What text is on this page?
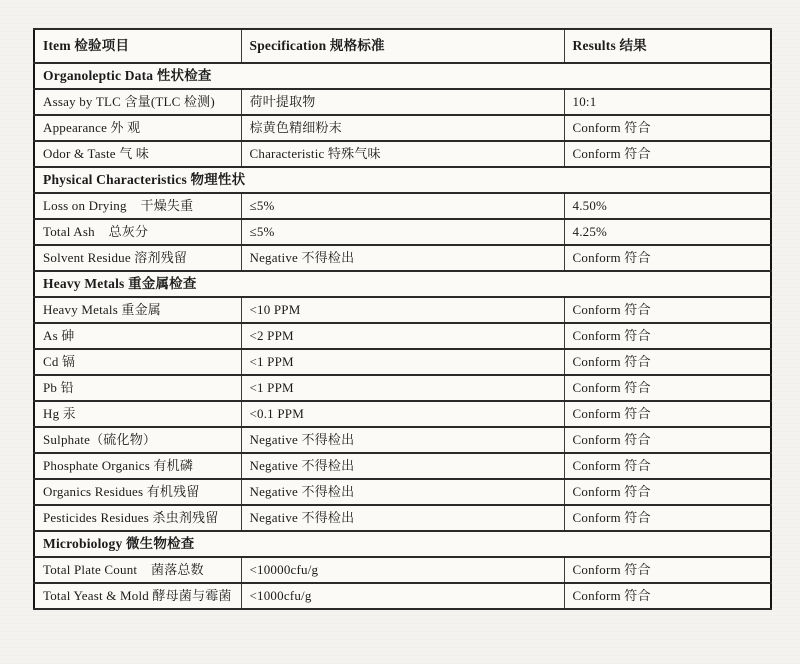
Item 检验项目	Specification 规格标准	Results 结果
Organoleptic Data 性状检查		
Assay by TLC 含量(TLC 检测)	荷叶提取物	10:1
Appearance 外 观	棕黄色精细粉末	Conform 符合
Odor & Taste 气 味	Characteristic 特殊气味	Conform 符合
Physical Characteristics 物理性状		
Loss on Drying    干燥失重	≤5%	4.50%
Total Ash    总灰分	≤5%	4.25%
Solvent Residue 溶剂残留	Negative 不得检出	Conform 符合
Heavy Metals 重金属检查		
Heavy Metals 重金属	<10 PPM	Conform 符合
As 砷	<2 PPM	Conform 符合
Cd 镉	<1 PPM	Conform 符合
Pb 铅	<1 PPM	Conform 符合
Hg 汞	<0.1 PPM	Conform 符合
Sulphate（硫化物）	Negative 不得检出	Conform 符合
Phosphate Organics 有机磷	Negative 不得检出	Conform 符合
Organics Residues 有机残留	Negative 不得检出	Conform 符合
Pesticides Residues 杀虫剂残留	Negative 不得检出	Conform 符合
Microbiology 微生物检查		
Total Plate Count    菌落总数	<10000cfu/g	Conform 符合
Total Yeast & Mold 酵母菌与霉菌	<1000cfu/g	Conform 符合
